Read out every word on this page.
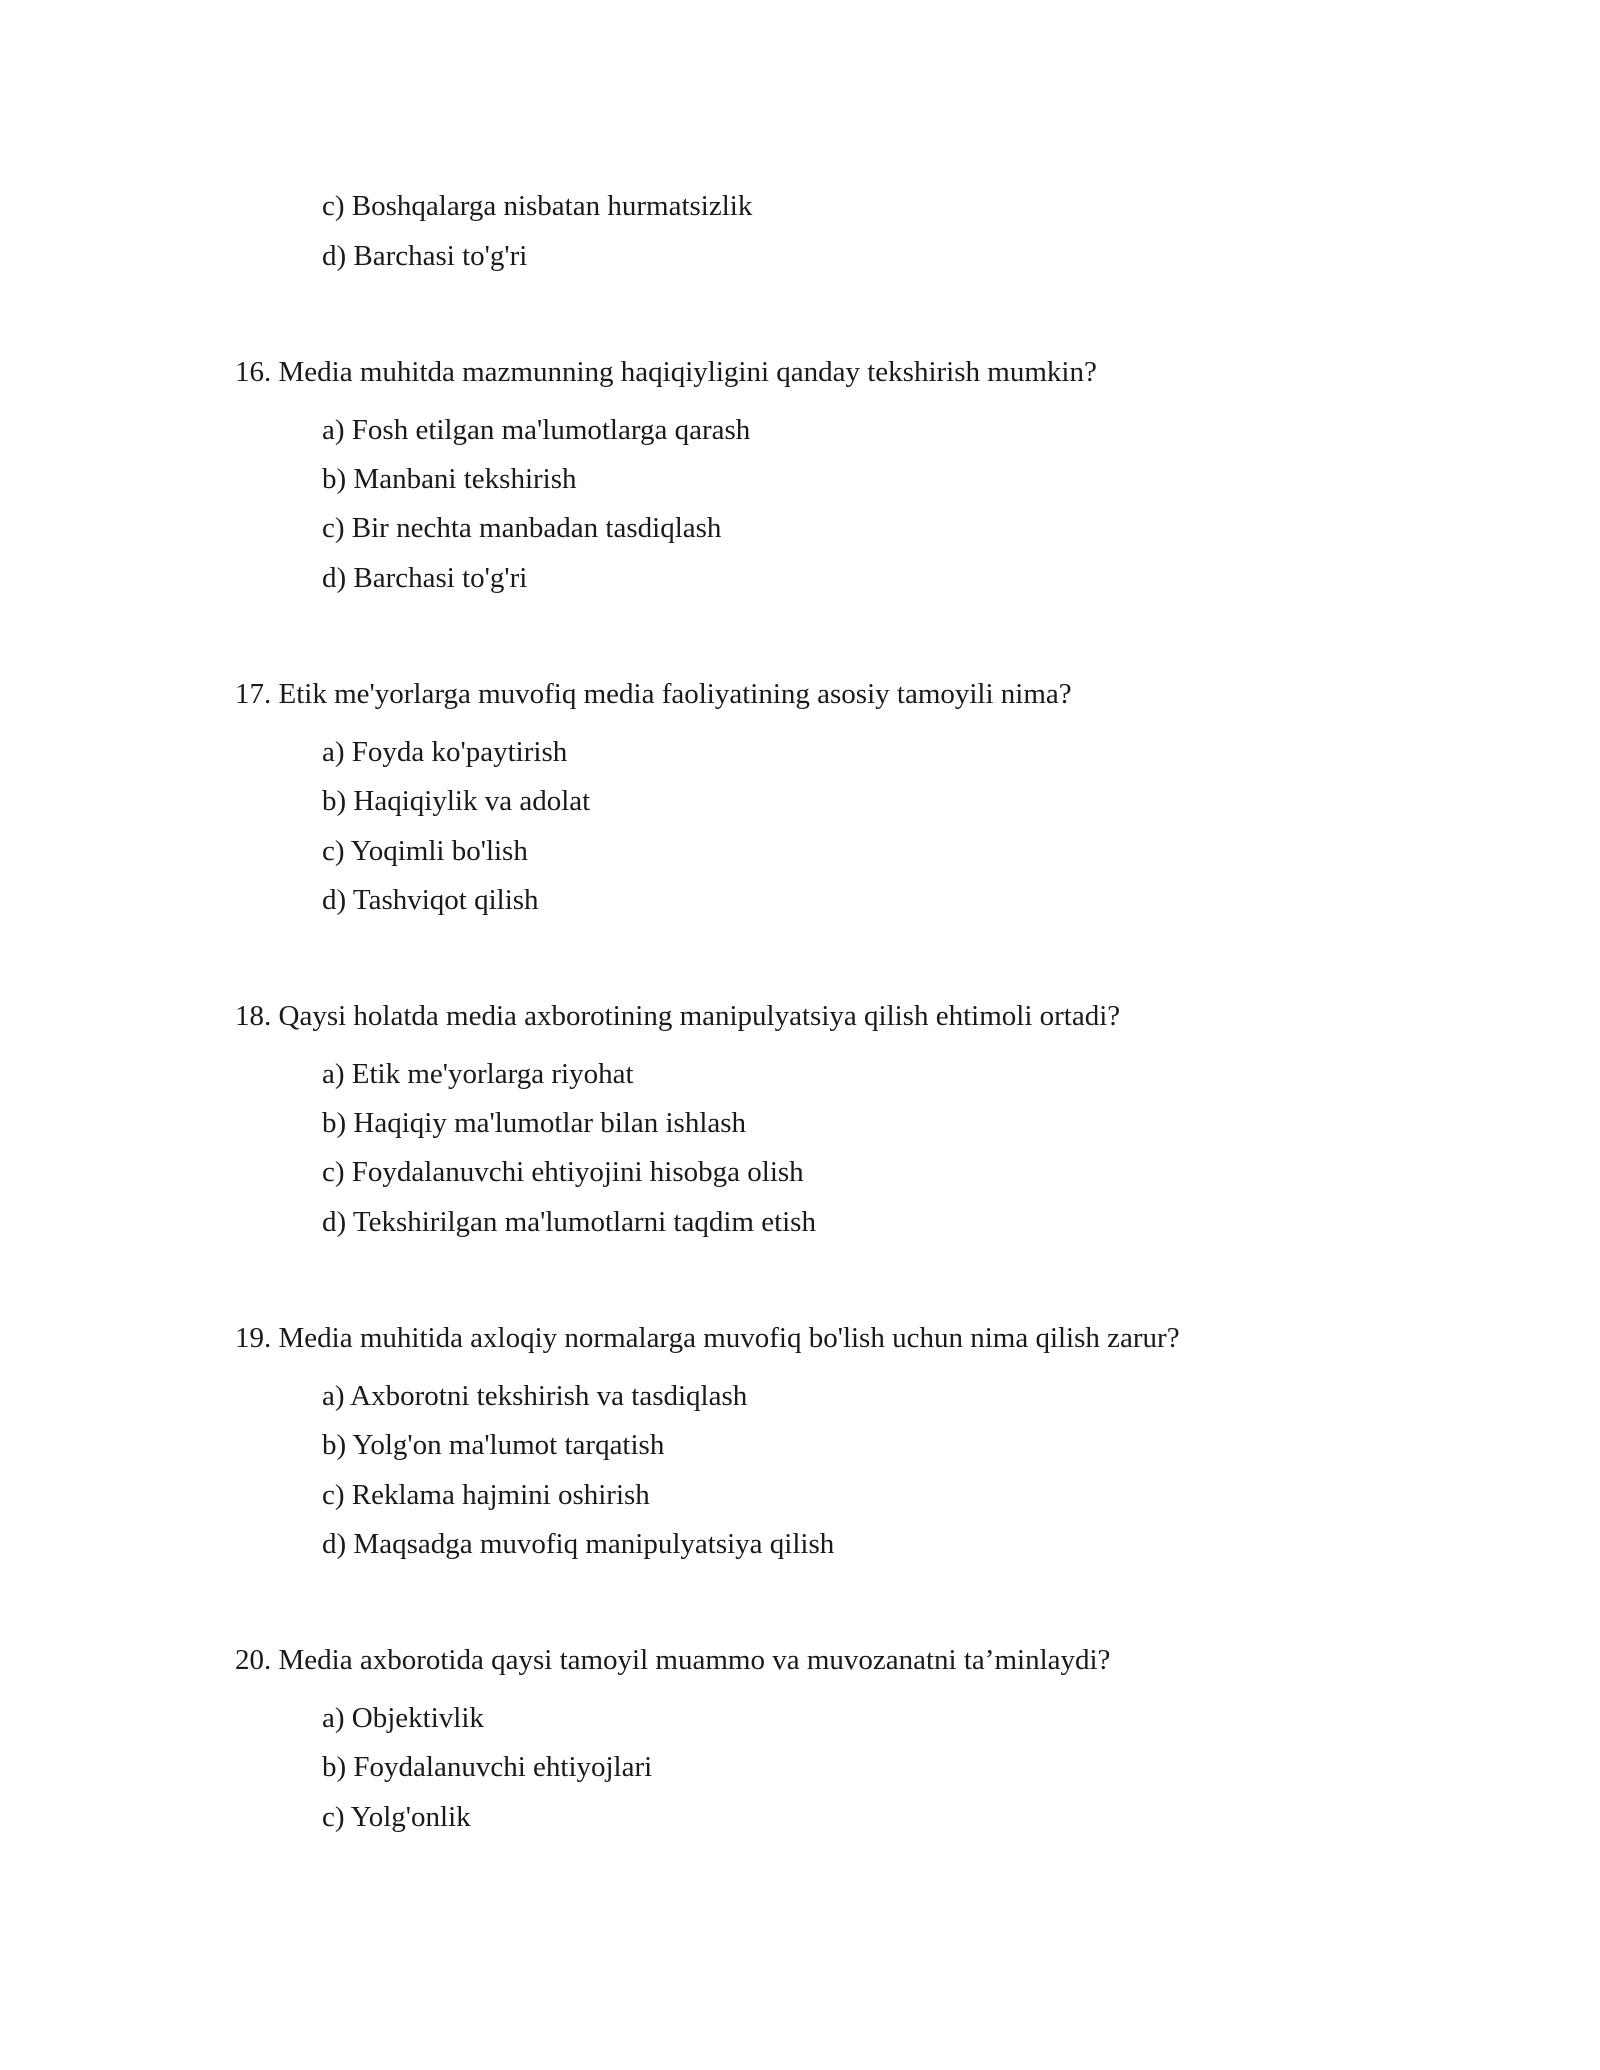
c) Boshqalarga nisbatan hurmatsizlik
d) Barchasi to'g'ri
16. Media muhitda mazmunning haqiqiyligini qanday tekshirish mumkin?
a) Fosh etilgan ma'lumotlarga qarash
b) Manbani tekshirish
c) Bir nechta manbadan tasdiqlash
d) Barchasi to'g'ri
17. Etik me'yorlarga muvofiq media faoliyatining asosiy tamoyili nima?
a) Foyda ko'paytirish
b) Haqiqiylik va adolat
c) Yoqimli bo'lish
d) Tashviqot qilish
18. Qaysi holatda media axborotining manipulyatsiya qilish ehtimoli ortadi?
a) Etik me'yorlarga riyohat
b) Haqiqiy ma'lumotlar bilan ishlash
c) Foydalanuvchi ehtiyojini hisobga olish
d) Tekshirilgan ma'lumotlarni taqdim etish
19. Media muhitida axloqiy normalarga muvofiq bo'lish uchun nima qilish zarur?
a) Axborotni tekshirish va tasdiqlash
b) Yolg'on ma'lumot tarqatish
c) Reklama hajmini oshirish
d) Maqsadga muvofiq manipulyatsiya qilish
20. Media axborotida qaysi tamoyil muammo va muvozanatni ta’minlaydi?
a) Objektivlik
b) Foydalanuvchi ehtiyojlari
c) Yolg'onlik
